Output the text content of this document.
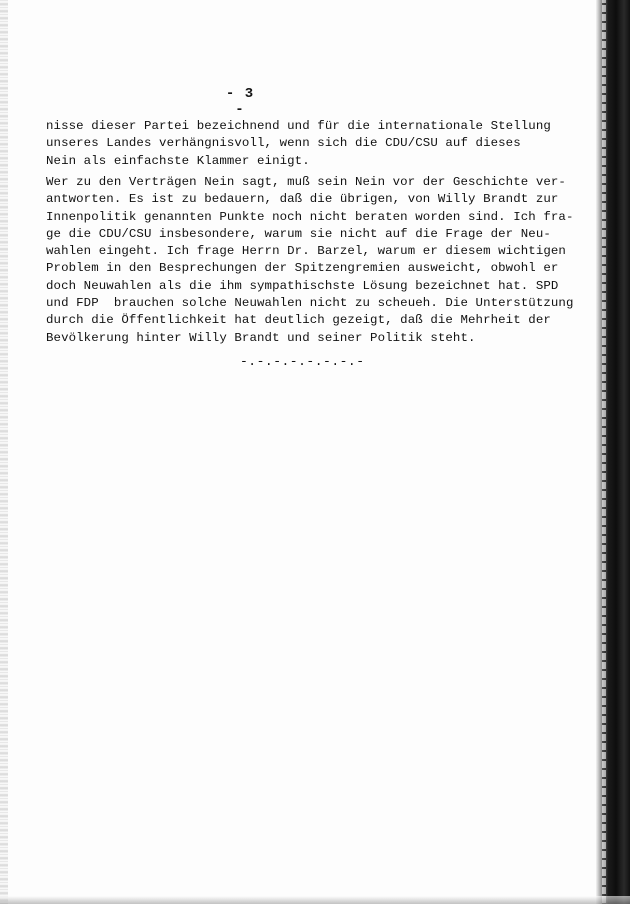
- 3 -
nisse dieser Partei bezeichnend und für die internationale Stellung
unseres Landes verhängnisvoll, wenn sich die CDU/CSU auf dieses
Nein als einfachste Klammer einigt.
Wer zu den Verträgen Nein sagt, muß sein Nein vor der Geschichte ver-
antworten. Es ist zu bedauern, daß die übrigen, von Willy Brandt zur
Innenpolitik genannten Punkte noch nicht beraten worden sind. Ich fra-
ge die CDU/CSU insbesondere, warum sie nicht auf die Frage der Neu-
wahlen eingeht. Ich frage Herrn Dr. Barzel, warum er diesem wichtigen
Problem in den Besprechungen der Spitzengremien ausweicht, obwohl er
doch Neuwahlen als die ihm sympathischste Lösung bezeichnet hat. SPD
und FDP  brauchen solche Neuwahlen nicht zu scheueh. Die Unterstützung
durch die Öffentlichkeit hat deutlich gezeigt, daß die Mehrheit der
Bevölkerung hinter Willy Brandt und seiner Politik steht.
-.-.-.-.-.-.-.-
